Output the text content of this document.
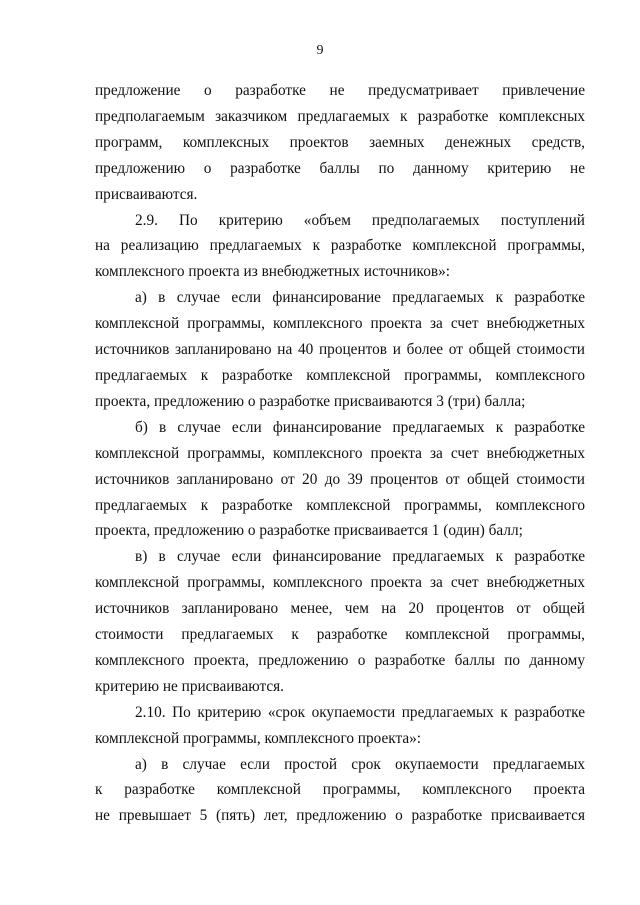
9
предложение о разработке не предусматривает привлечение
предполагаемым заказчиком предлагаемых к разработке комплексных
программ, комплексных проектов заемных денежных средств,
предложению о разработке баллы по данному критерию не присваиваются.
2.9. По критерию «объем предполагаемых поступлений
на реализацию предлагаемых к разработке комплексной программы,
комплексного проекта из внебюджетных источников»:
а) в случае если финансирование предлагаемых к разработке
комплексной программы, комплексного проекта за счет внебюджетных
источников запланировано на 40 процентов и более от общей стоимости
предлагаемых к разработке комплексной программы, комплексного
проекта, предложению о разработке присваиваются 3 (три) балла;
б) в случае если финансирование предлагаемых к разработке
комплексной программы, комплексного проекта за счет внебюджетных
источников запланировано от 20 до 39 процентов от общей стоимости
предлагаемых к разработке комплексной программы, комплексного
проекта, предложению о разработке присваивается 1 (один) балл;
в) в случае если финансирование предлагаемых к разработке
комплексной программы, комплексного проекта за счет внебюджетных
источников запланировано менее, чем на 20 процентов от общей
стоимости предлагаемых к разработке комплексной программы,
комплексного проекта, предложению о разработке баллы по данному
критерию не присваиваются.
2.10. По критерию «срок окупаемости предлагаемых к разработке
комплексной программы, комплексного проекта»:
а) в случае если простой срок окупаемости предлагаемых
к разработке комплексной программы, комплексного проекта
не превышает 5 (пять) лет, предложению о разработке присваивается
